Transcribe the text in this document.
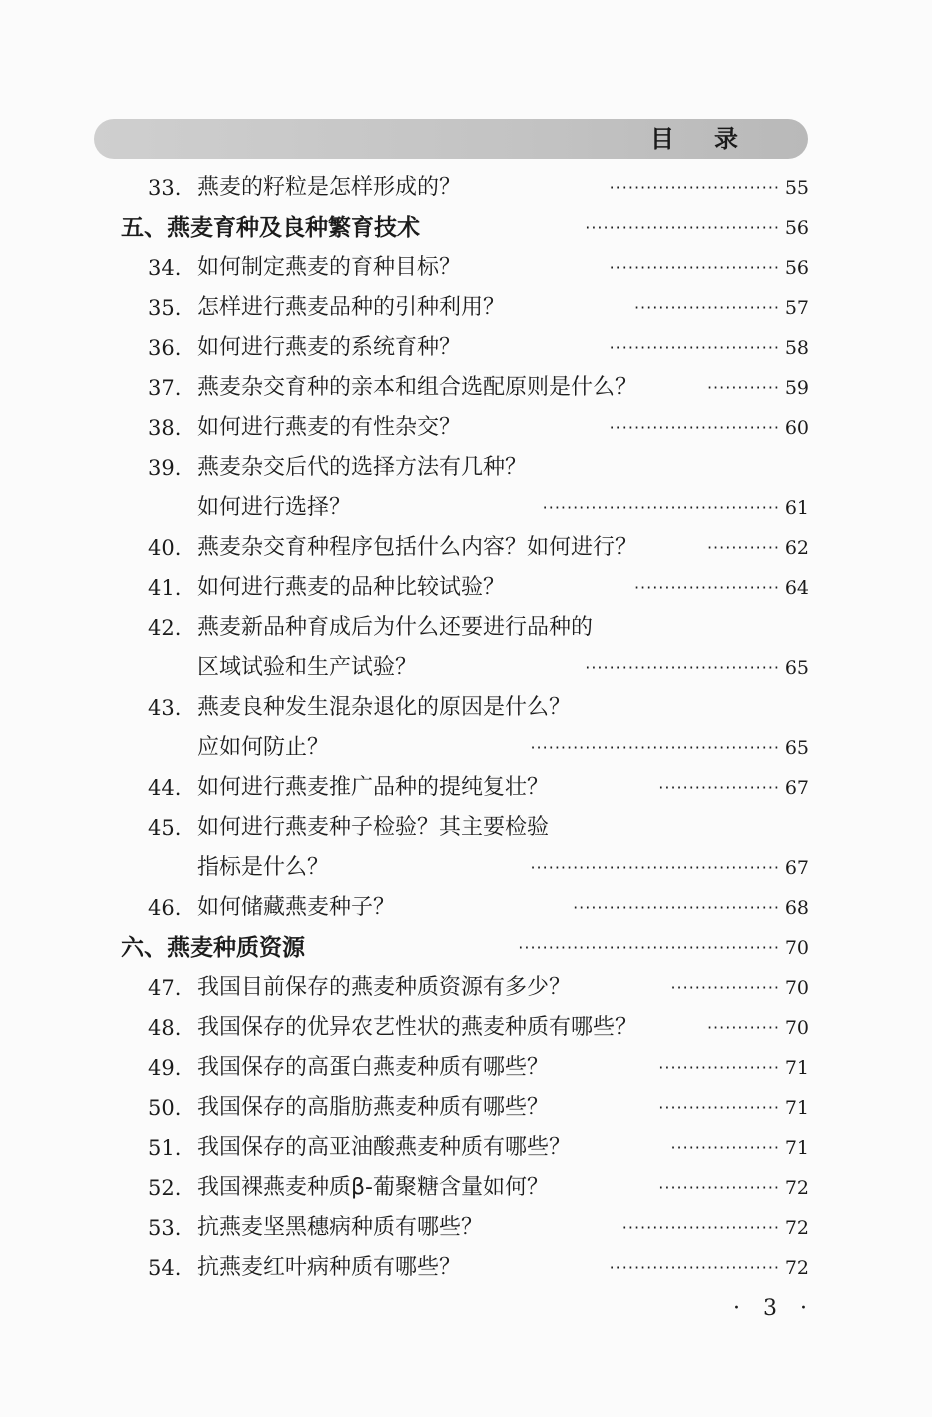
目录
33. 燕麦的籽粒是怎样形成的？	···························· 55
五、燕麦育种及良种繁育技术	································ 56
34. 如何制定燕麦的育种目标？	···························· 56
35. 怎样进行燕麦品种的引种利用？	························ 57
36. 如何进行燕麦的系统育种？	···························· 58
37. 燕麦杂交育种的亲本和组合选配原则是什么？	············ 59
38. 如何进行燕麦的有性杂交？	···························· 60
39. 燕麦杂交后代的选择方法有几种？
如何进行选择？	······································· 61
40. 燕麦杂交育种程序包括什么内容？如何进行？	············ 62
41. 如何进行燕麦的品种比较试验？	························ 64
42. 燕麦新品种育成后为什么还要进行品种的
区域试验和生产试验？	································ 65
43. 燕麦良种发生混杂退化的原因是什么？
应如何防止？	········································· 65
44. 如何进行燕麦推广品种的提纯复壮？	···················· 67
45. 如何进行燕麦种子检验？其主要检验
指标是什么？	········································· 67
46. 如何储藏燕麦种子？	·································· 68
六、燕麦种质资源	··········································· 70
47. 我国目前保存的燕麦种质资源有多少？	·················· 70
48. 我国保存的优异农艺性状的燕麦种质有哪些？	············ 70
49. 我国保存的高蛋白燕麦种质有哪些？	···················· 71
50. 我国保存的高脂肪燕麦种质有哪些？	···················· 71
51. 我国保存的高亚油酸燕麦种质有哪些？	·················· 71
52. 我国裸燕麦种质β-葡聚糖含量如何？	···················· 72
53. 抗燕麦坚黑穗病种质有哪些？	·························· 72
54. 抗燕麦红叶病种质有哪些？	···························· 72
· 3 ·
